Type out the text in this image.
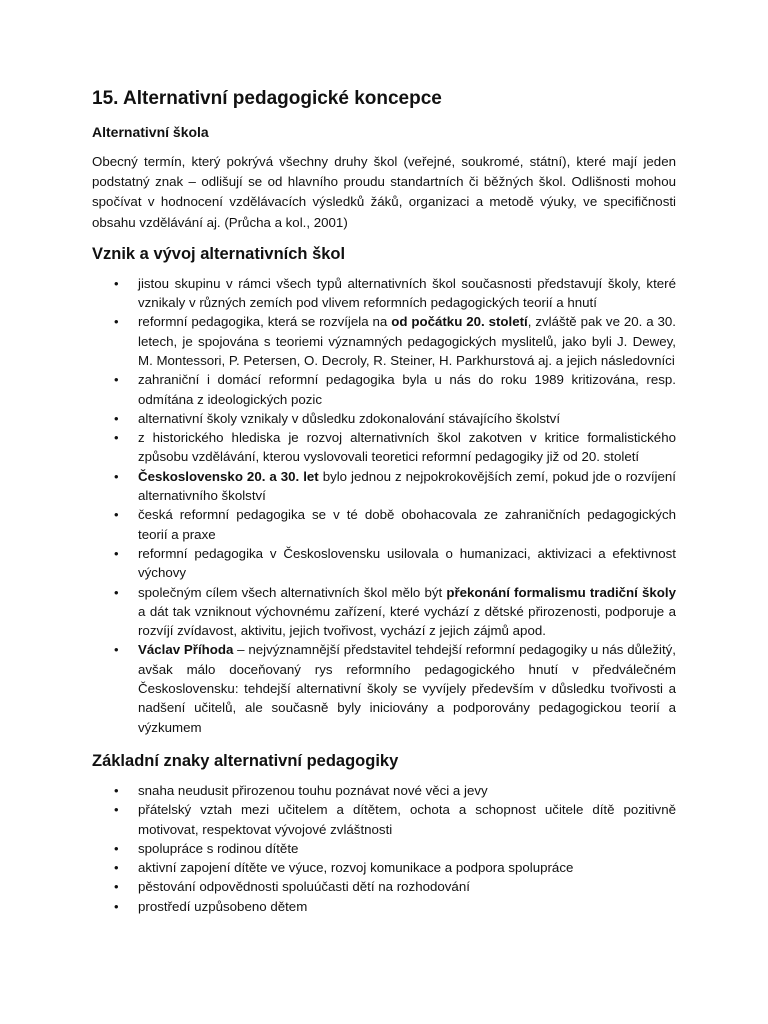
15. Alternativní pedagogické koncepce
Alternativní škola

Obecný termín, který pokrývá všechny druhy škol (veřejné, soukromé, státní), které mají jeden podstatný znak – odlišují se od hlavního proudu standartních či běžných škol. Odlišnosti mohou spočívat v hodnocení vzdělávacích výsledků žáků, organizaci a metodě výuky, ve specifičnosti obsahu vzdělávání aj. (Průcha a kol., 2001)

Vznik a vývoj alternativních škol
• jistou skupinu v rámci všech typů alternativních škol současnosti představují školy, které vznikaly v různých zemích pod vlivem reformních pedagogických teorií a hnutí
• reformní pedagogika, která se rozvíjela na od počátku 20. století, zvláště pak ve 20. a 30. letech, je spojována s teoriemi významných pedagogických myslitelů, jako byli J. Dewey, M. Montessori, P. Petersen, O. Decroly, R. Steiner, H. Parkhurstová aj. a jejich následovníci
• zahraniční i domácí reformní pedagogika byla u nás do roku 1989 kritizována, resp. odmítána z ideologických pozic
• alternativní školy vznikaly v důsledku zdokonalování stávajícího školství
• z historického hlediska je rozvoj alternativních škol zakotven v kritice formalistického způsobu vzdělávání, kterou vyslovovali teoretici reformní pedagogiky již od 20. století
• Československo 20. a 30. let bylo jednou z nejpokrokovějších zemí, pokud jde o rozvíjení alternativního školství
• česká reformní pedagogika se v té době obohacovala ze zahraničních pedagogických teorií a praxe
• reformní pedagogika v Československu usilovala o humanizaci, aktivizaci a efektivnost výchovy
• společným cílem všech alternativních škol mělo být překonání formalismu tradiční školy a dát tak vzniknout výchovnému zařízení, které vychází z dětské přirozenosti, podporuje a rozvíjí zvídavost, aktivitu, jejich tvořivost, vychází z jejich zájmů apod.
• Václav Příhoda – nejvýznamnější představitel tehdejší reformní pedagogiky u nás důležitý, avšak málo doceňovaný rys reformního pedagogického hnutí v předválečném Československu: tehdejší alternativní školy se vyvíjely především v důsledku tvořivosti a nadšení učitelů, ale současně byly iniciovány a podporovány pedagogickou teorií a výzkumem
Základní znaky alternativní pedagogiky
• snaha neudusit přirozenou touhu poznávat nové věci a jevy
• přátelský vztah mezi učitelem a dítětem, ochota a schopnost učitele dítě pozitivně motivovat, respektovat vývojové zvláštnosti
• spolupráce s rodinou dítěte
• aktivní zapojení dítěte ve výuce, rozvoj komunikace a podpora spolupráce
• pěstování odpovědnosti spoluúčasti dětí na rozhodování
• prostředí uzpůsobeno dětem
